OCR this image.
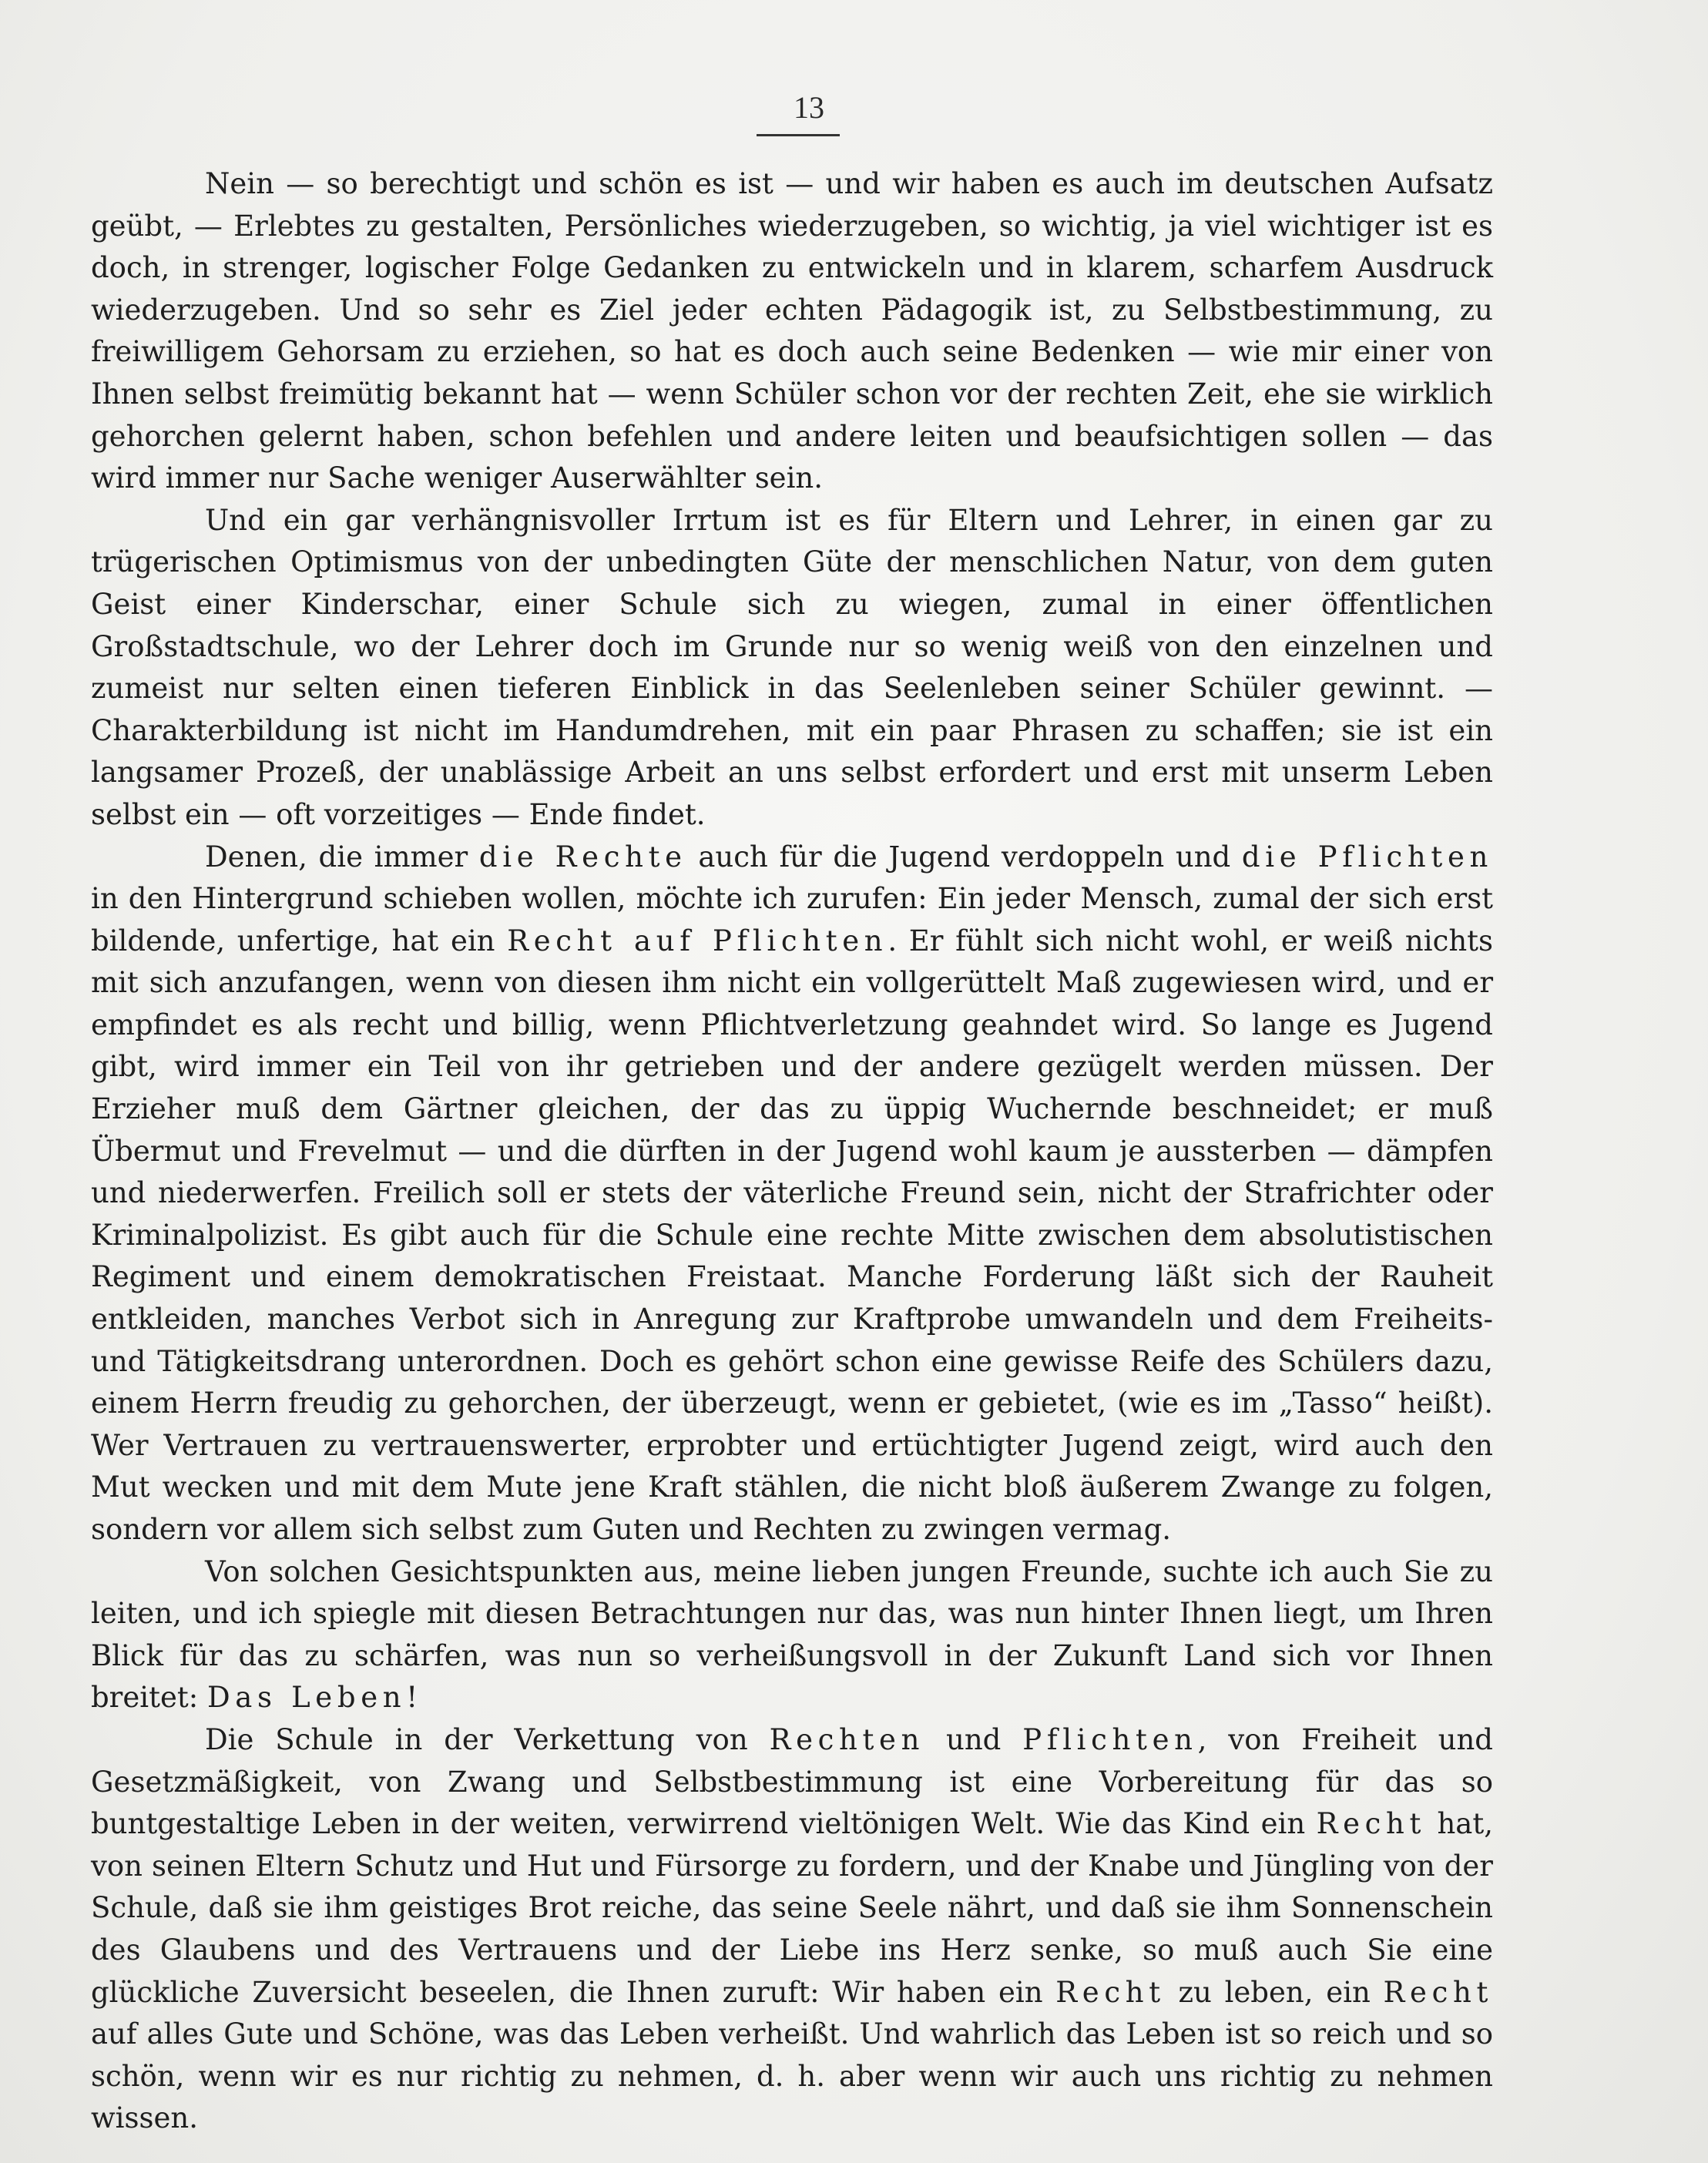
13

Nein — so berechtigt und schön es ist — und wir haben es auch im deutschen Aufsatz geübt, — Erlebtes zu gestalten, Persönliches wiederzugeben, so wichtig, ja viel wichtiger ist es doch, in strenger, logischer Folge Gedanken zu entwickeln und in klarem, scharfem Ausdruck wiederzugeben. Und so sehr es Ziel jeder echten Pädagogik ist, zu Selbstbestimmung, zu freiwilligem Gehorsam zu erziehen, so hat es doch auch seine Bedenken — wie mir einer von Ihnen selbst freimütig bekannt hat — wenn Schüler schon vor der rechten Zeit, ehe sie wirklich gehorchen gelernt haben, schon befehlen und andere leiten und beaufsichtigen sollen — das wird immer nur Sache weniger Auserwählter sein.

Und ein gar verhängnisvoller Irrtum ist es für Eltern und Lehrer, in einen gar zu trügerischen Optimismus von der unbedingten Güte der menschlichen Natur, von dem guten Geist einer Kinderschar, einer Schule sich zu wiegen, zumal in einer öffentlichen Großstadtschule, wo der Lehrer doch im Grunde nur so wenig weiß von den einzelnen und zumeist nur selten einen tieferen Einblick in das Seelenleben seiner Schüler gewinnt. — Charakterbildung ist nicht im Handumdrehen, mit ein paar Phrasen zu schaffen; sie ist ein langsamer Prozeß, der unablässige Arbeit an uns selbst erfordert und erst mit unserm Leben selbst ein — oft vorzeitiges — Ende findet.

Denen, die immer die Rechte auch für die Jugend verdoppeln und die Pflichten in den Hintergrund schieben wollen, möchte ich zurufen: Ein jeder Mensch, zumal der sich erst bildende, unfertige, hat ein Recht auf Pflichten. Er fühlt sich nicht wohl, er weiß nichts mit sich anzufangen, wenn von diesen ihm nicht ein vollgerüttelt Maß zugewiesen wird, und er empfindet es als recht und billig, wenn Pflichtverletzung geahndet wird. So lange es Jugend gibt, wird immer ein Teil von ihr getrieben und der andere gezügelt werden müssen. Der Erzieher muß dem Gärtner gleichen, der das zu üppig Wuchernde beschneidet; er muß Übermut und Frevelmut — und die dürften in der Jugend wohl kaum je aussterben — dämpfen und niederwerfen. Freilich soll er stets der väterliche Freund sein, nicht der Strafrichter oder Kriminalpolizist. Es gibt auch für die Schule eine rechte Mitte zwischen dem absolutistischen Regiment und einem demokratischen Freistaat. Manche Forderung läßt sich der Rauheit entkleiden, manches Verbot sich in Anregung zur Kraftprobe umwandeln und dem Freiheits- und Tätigkeitsdrang unterordnen. Doch es gehört schon eine gewisse Reife des Schülers dazu, einem Herrn freudig zu gehorchen, der überzeugt, wenn er gebietet, (wie es im „Tasso“ heißt). Wer Vertrauen zu vertrauenswerter, erprobter und ertüchtigter Jugend zeigt, wird auch den Mut wecken und mit dem Mute jene Kraft stählen, die nicht bloß äußerem Zwange zu folgen, sondern vor allem sich selbst zum Guten und Rechten zu zwingen vermag.

Von solchen Gesichtspunkten aus, meine lieben jungen Freunde, suchte ich auch Sie zu leiten, und ich spiegle mit diesen Betrachtungen nur das, was nun hinter Ihnen liegt, um Ihren Blick für das zu schärfen, was nun so verheißungsvoll in der Zukunft Land sich vor Ihnen breitet: Das Leben!

Die Schule in der Verkettung von Rechten und Pflichten, von Freiheit und Gesetzmäßigkeit, von Zwang und Selbstbestimmung ist eine Vorbereitung für das so buntgestaltige Leben in der weiten, verwirrend vieltönigen Welt. Wie das Kind ein Recht hat, von seinen Eltern Schutz und Hut und Fürsorge zu fordern, und der Knabe und Jüngling von der Schule, daß sie ihm geistiges Brot reiche, das seine Seele nährt, und daß sie ihm Sonnenschein des Glaubens und des Vertrauens und der Liebe ins Herz senke, so muß auch Sie eine glückliche Zuversicht beseelen, die Ihnen zuruft: Wir haben ein Recht zu leben, ein Recht auf alles Gute und Schöne, was das Leben verheißt. Und wahrlich das Leben ist so reich und so schön, wenn wir es nur richtig zu nehmen, d. h. aber wenn wir auch uns richtig zu nehmen wissen.
